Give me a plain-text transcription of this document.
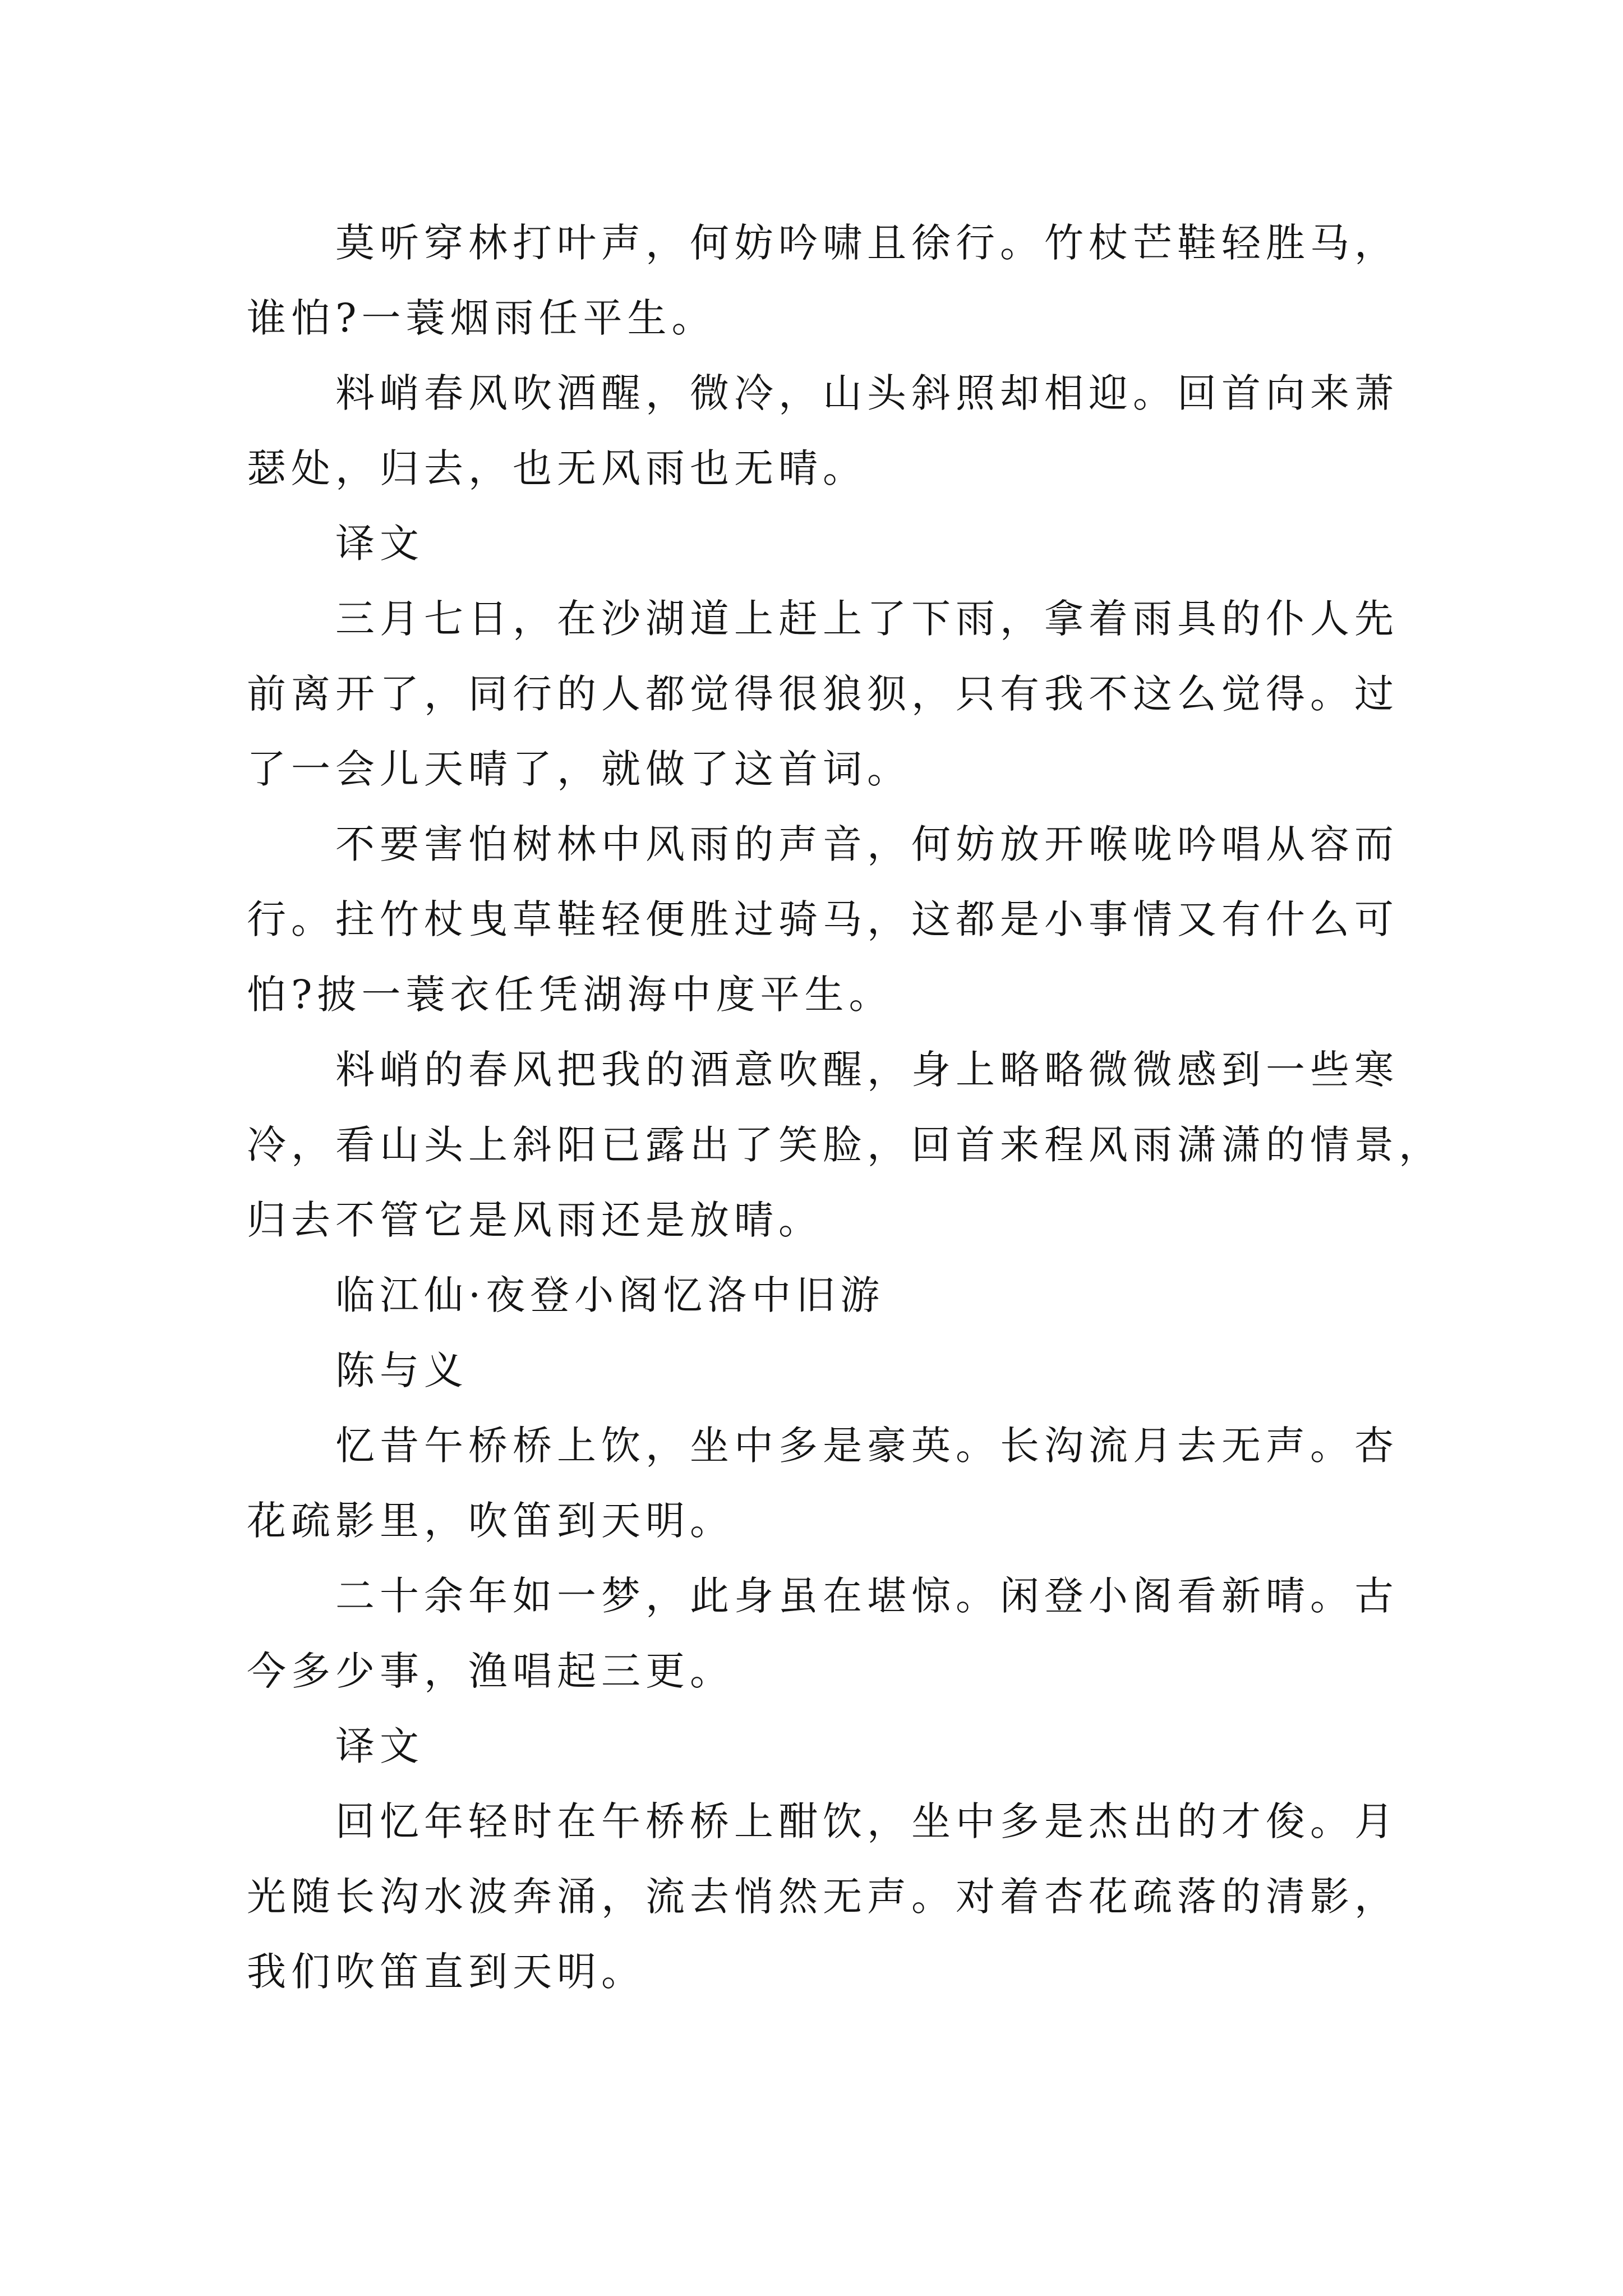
莫听穿林打叶声，何妨吟啸且徐行。竹杖芒鞋轻胜马，
谁怕?一蓑烟雨任平生。
料峭春风吹酒醒，微冷，山头斜照却相迎。回首向来萧
瑟处，归去，也无风雨也无晴。
译文
三月七日，在沙湖道上赶上了下雨，拿着雨具的仆人先
前离开了，同行的人都觉得很狼狈，只有我不这么觉得。过
了一会儿天晴了，就做了这首词。
不要害怕树林中风雨的声音，何妨放开喉咙吟唱从容而
行。拄竹杖曳草鞋轻便胜过骑马，这都是小事情又有什么可
怕?披一蓑衣任凭湖海中度平生。
料峭的春风把我的酒意吹醒，身上略略微微感到一些寒
冷，看山头上斜阳已露出了笑脸，回首来程风雨潇潇的情景，
归去不管它是风雨还是放晴。
临江仙·夜登小阁忆洛中旧游
陈与义
忆昔午桥桥上饮，坐中多是豪英。长沟流月去无声。杏
花疏影里，吹笛到天明。
二十余年如一梦，此身虽在堪惊。闲登小阁看新晴。古
今多少事，渔唱起三更。
译文
回忆年轻时在午桥桥上酣饮，坐中多是杰出的才俊。月
光随长沟水波奔涌，流去悄然无声。对着杏花疏落的清影，
我们吹笛直到天明。
